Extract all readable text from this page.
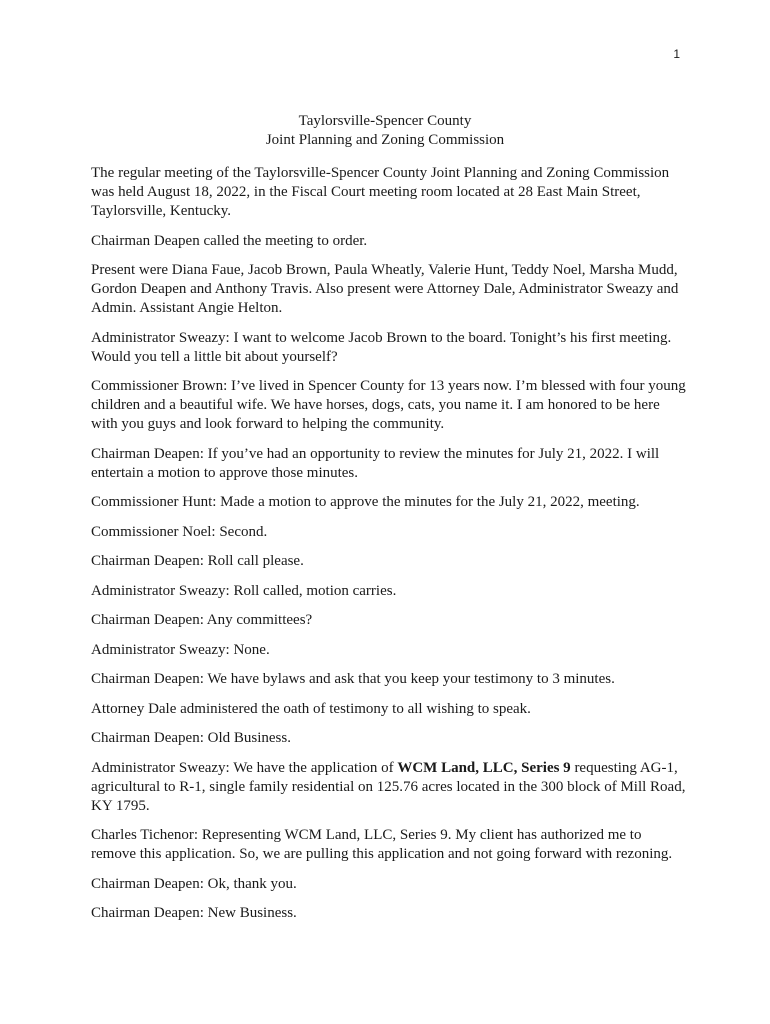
1
Taylorsville-Spencer County
Joint Planning and Zoning Commission

The regular meeting of the Taylorsville-Spencer County Joint Planning and Zoning Commission was held August 18, 2022, in the Fiscal Court meeting room located at 28 East Main Street, Taylorsville, Kentucky.

Chairman Deapen called the meeting to order.

Present were Diana Faue, Jacob Brown, Paula Wheatly, Valerie Hunt, Teddy Noel, Marsha Mudd, Gordon Deapen and Anthony Travis. Also present were Attorney Dale, Administrator Sweazy and Admin. Assistant Angie Helton.

Administrator Sweazy: I want to welcome Jacob Brown to the board. Tonight’s his first meeting. Would you tell a little bit about yourself?

Commissioner Brown: I’ve lived in Spencer County for 13 years now. I’m blessed with four young children and a beautiful wife. We have horses, dogs, cats, you name it. I am honored to be here with you guys and look forward to helping the community.

Chairman Deapen: If you’ve had an opportunity to review the minutes for July 21, 2022. I will entertain a motion to approve those minutes.

Commissioner Hunt: Made a motion to approve the minutes for the July 21, 2022, meeting.

Commissioner Noel: Second.

Chairman Deapen: Roll call please.

Administrator Sweazy: Roll called, motion carries.

Chairman Deapen: Any committees?

Administrator Sweazy: None.

Chairman Deapen: We have bylaws and ask that you keep your testimony to 3 minutes.

Attorney Dale administered the oath of testimony to all wishing to speak.

Chairman Deapen: Old Business.

Administrator Sweazy: We have the application of WCM Land, LLC, Series 9 requesting AG-1, agricultural to R-1, single family residential on 125.76 acres located in the 300 block of Mill Road, KY 1795.

Charles Tichenor: Representing WCM Land, LLC, Series 9. My client has authorized me to remove this application. So, we are pulling this application and not going forward with rezoning.

Chairman Deapen: Ok, thank you.

Chairman Deapen: New Business.
